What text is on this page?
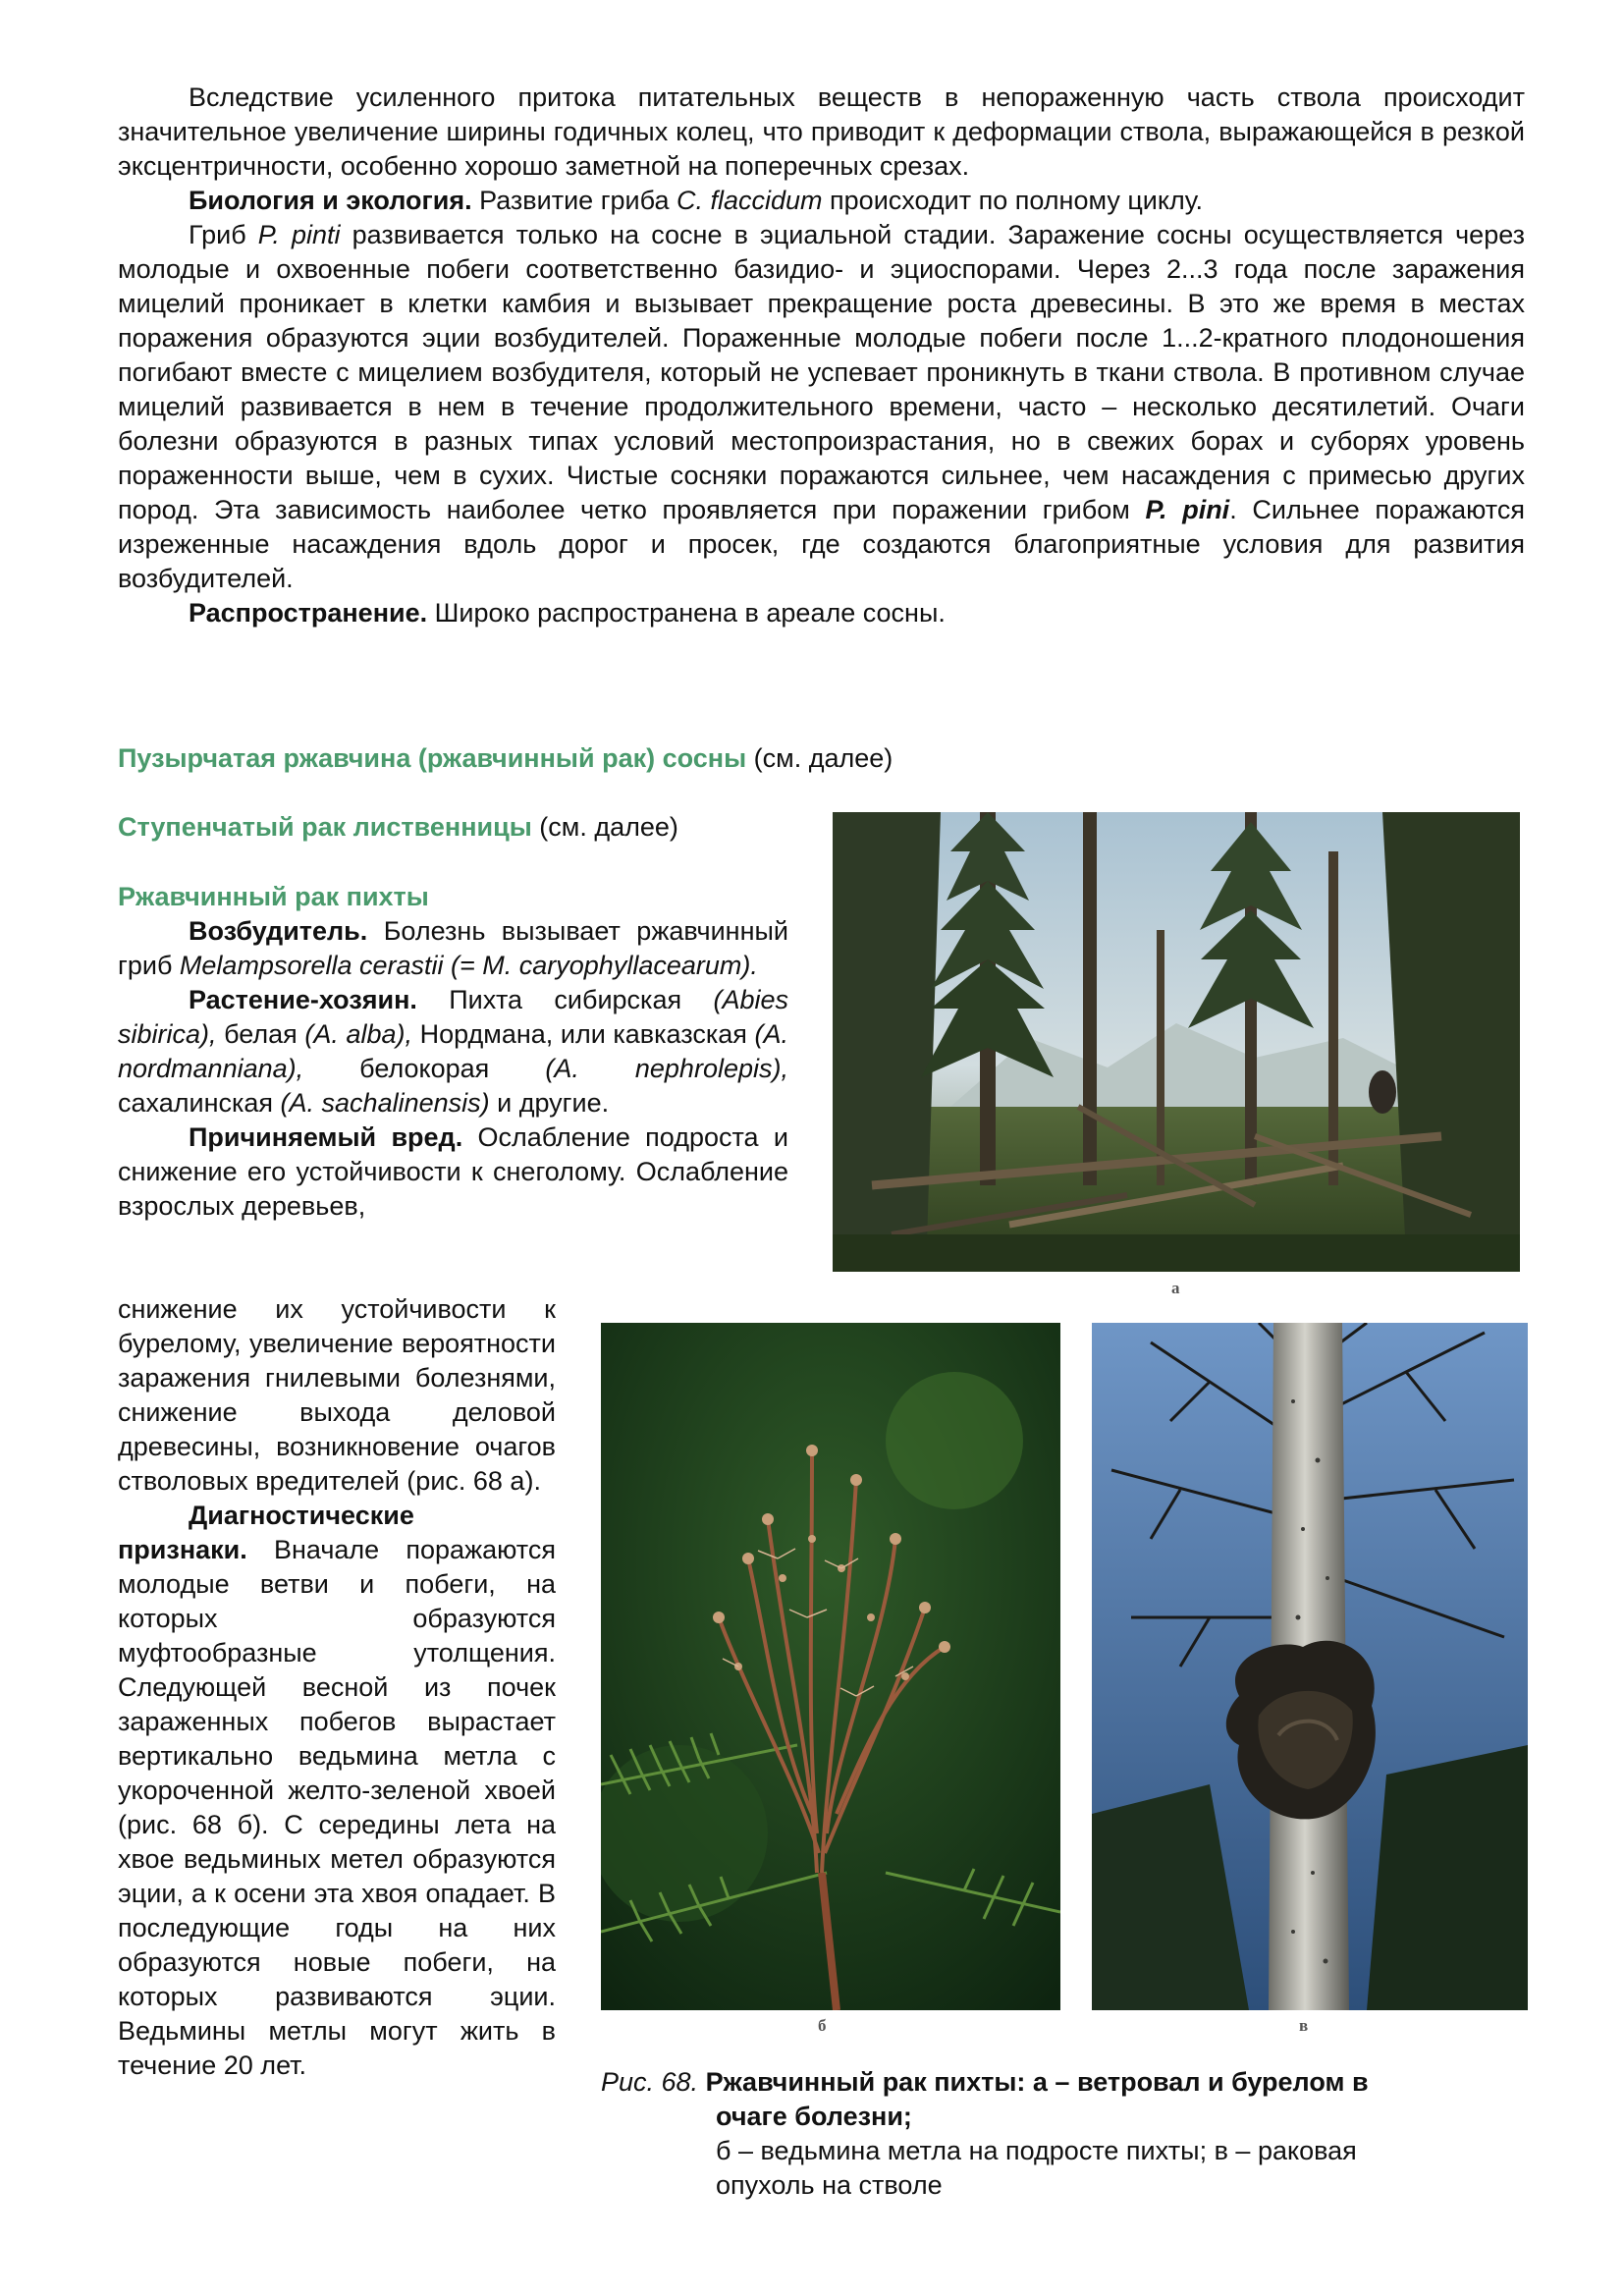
Вследствие усиленного притока питательных веществ в непораженную часть ствола происходит значительное увеличение ширины годичных колец, что приводит к деформации ствола, выражающейся в резкой эксцентричности, особенно хорошо заметной на поперечных срезах.

Биология и экология. Развитие гриба C. flaccidum происходит по полному циклу.

Гриб P. pinti развивается только на сосне в эциальной стадии. Заражение сосны осуществляется через молодые и охвоенные побеги соответственно базидио- и эциоспорами. Через 2...3 года после заражения мицелий проникает в клетки камбия и вызывает прекращение роста древесины. В это же время в местах поражения образуются эции возбудителей. Пораженные молодые побеги после 1...2-кратного плодоношения погибают вместе с мицелием возбудителя, который не успевает проникнуть в ткани ствола. В противном случае мицелий развивается в нем в течение продолжительного времени, часто – несколько десятилетий. Очаги болезни образуются в разных типах условий местопроизрастания, но в свежих борах и суборях уровень пораженности выше, чем в сухих. Чистые сосняки поражаются сильнее, чем насаждения с примесью других пород. Эта зависимость наиболее четко проявляется при поражении грибом P. pini. Сильнее поражаются изреженные насаждения вдоль дорог и просек, где создаются благоприятные условия для развития возбудителей.

Распространение. Широко распространена в ареале сосны.

Пузырчатая ржавчина (ржавчинный рак) сосны (см. далее)
Ступенчатый рак лиственницы (см. далее)
Ржавчинный рак пихты

Возбудитель. Болезнь вызывает ржавчинный гриб Melampsorella cerastii (= M. caryophyllacearum).

Растение-хозяин. Пихта сибирская (Abies sibirica), белая (A. alba), Нордмана, или кавказская (A. nordmanniana), белокорая (A. nephrolepis), сахалинская (A. sachalinensis) и другие.

Причиняемый вред. Ослабление подроста и снижение его устойчивости к снеголому. Ослабление взрослых деревьев,

снижение их устойчивости к бурелому, увеличение вероятности заражения гнилевыми болезнями, снижение выхода деловой древесины, возникновение очагов стволовых вредителей (рис. 68 а).

Диагностические

признаки. Вначале поражаются молодые ветви и побеги, на которых образуются муфтообразные утолщения. Следующей весной из почек зараженных побегов вырастает вертикально ведьмина метла с укороченной желто-зеленой хвоей (рис. 68 б). С середины лета на хвое ведьминых метел образуются эции, а к осени эта хвоя опадает. В последующие годы на них образуются новые побеги, на которых развиваются эции. Ведьмины метлы могут жить в течение 20 лет.

а
б	в
Рис. 68. Ржавчинный рак пихты: а – ветровал и бурелом в
очаге болезни;
б – ведьмина метла на подросте пихты; в – раковая
опухоль на стволе
